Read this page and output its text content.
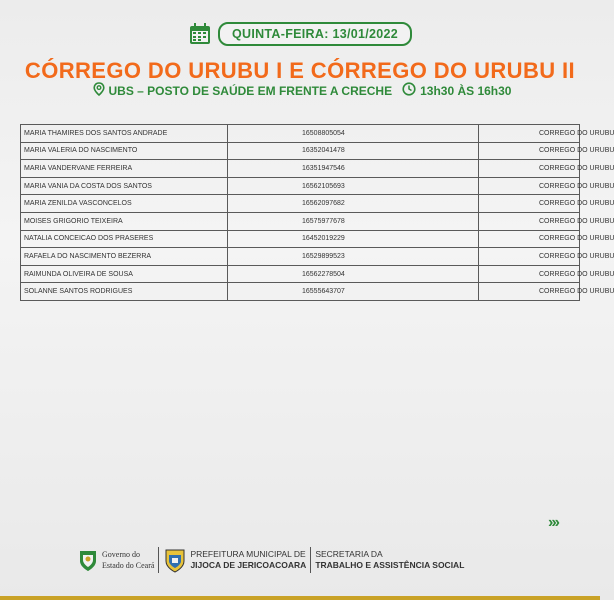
QUINTA-FEIRA: 13/01/2022
CÓRREGO DO URUBU I E CÓRREGO DO URUBU II
UBS – POSTO DE SAÚDE EM FRENTE A CRECHE 13h30 ÀS 16h30
MARIA THAMIRES DOS SANTOS ANDRADE	16508805054	CORREGO DO URUBU
MARIA VALERIA DO NASCIMENTO	16352041478	CORREGO DO URUBU
MARIA VANDERVANE FERREIRA	16351947546	CORREGO DO URUBU
MARIA VANIA DA COSTA DOS SANTOS	16562105693	CORREGO DO URUBU
MARIA ZENILDA VASCONCELOS	16562097682	CORREGO DO URUBU
MOISES GRIGORIO TEIXEIRA	16575977678	CORREGO DO URUBU
NATALIA CONCEICAO DOS PRASERES	16452019229	CORREGO DO URUBU
RAFAELA DO NASCIMENTO BEZERRA	16529899523	CORREGO DO URUBU
RAIMUNDA OLIVEIRA DE SOUSA	16562278504	CORREGO DO URUBU
SOLANNE SANTOS RODRIGUES	16555643707	CORREGO DO URUBU
›››
Governo do
Estado do Ceará
PREFEITURA MUNICIPAL DE
JIJOCA DE JERICOACOARA
SECRETARIA DA
TRABALHO E ASSISTÊNCIA SOCIAL
